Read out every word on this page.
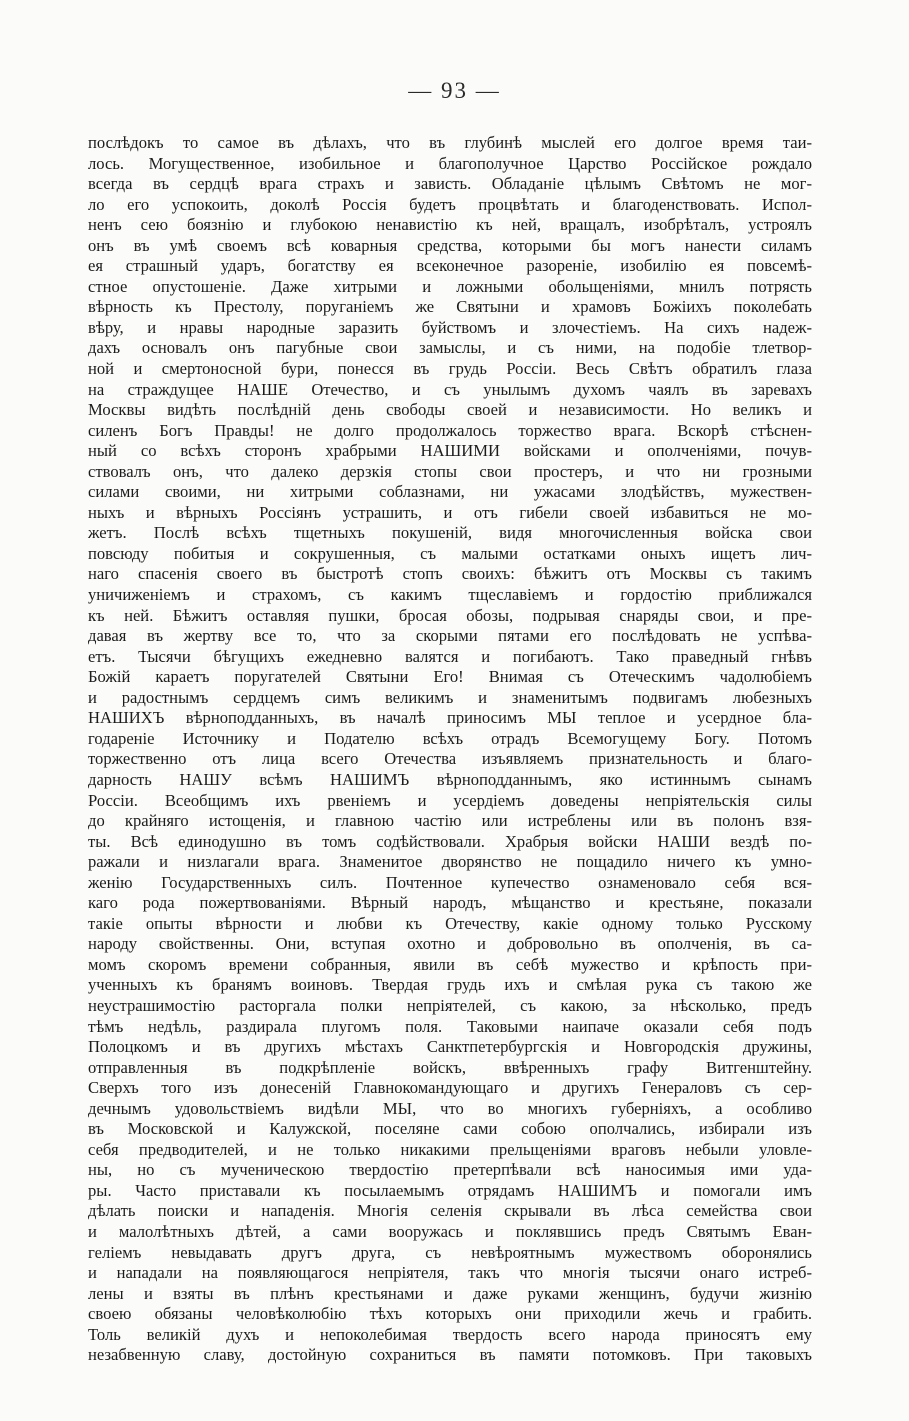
— 93 —
послѣдокъ то самое въ дѣлахъ, что въ глубинѣ мыслей его долгое время таи-
лось. Могущественное, изобильное и благополучное Царство Россійское рождало
всегда въ сердцѣ врага страхъ и зависть. Обладаніе цѣлымъ Свѣтомъ не мог-
ло его успокоить, доколѣ Россія будетъ процвѣтать и благоденствовать. Испол-
ненъ сею боязнію и глубокою ненавистію къ ней, вращалъ, изобрѣталъ, устроялъ
онъ въ умѣ своемъ всѣ коварныя средства, которыми бы могъ нанести силамъ
ея страшный ударъ, богатству ея всеконечное разореніе, изобилію ея повсемѣ-
стное опустошеніе. Даже хитрыми и ложными обольщеніями, мнилъ потрясть
вѣрность къ Престолу, поруганіемъ же Святыни и храмовъ Божіихъ поколебать
вѣру, и нравы народные заразить буйствомъ и злочестіемъ. На сихъ надеж-
дахъ основалъ онъ пагубные свои замыслы, и съ ними, на подобіе тлетвор-
ной и смертоносной бури, понесся въ грудь Россіи. Весь Свѣтъ обратилъ глаза
на страждущее НАШЕ Отечество, и съ унылымъ духомъ чаялъ въ заревахъ
Москвы видѣть послѣдній день свободы своей и независимости. Но великъ и
силенъ Богъ Правды! не долго продолжалось торжество врага. Вскорѣ стѣснен-
ный со всѣхъ сторонъ храбрыми НАШИМИ войсками и ополченіями, почув-
ствовалъ онъ, что далеко дерзкія стопы свои простеръ, и что ни грозными
силами своими, ни хитрыми соблазнами, ни ужасами злодѣйствъ, мужествен-
ныхъ и вѣрныхъ Россіянъ устрашить, и отъ гибели своей избавиться не мо-
жетъ. Послѣ всѣхъ тщетныхъ покушеній, видя многочисленныя войска свои
повсюду побитыя и сокрушенныя, съ малыми остатками оныхъ ищетъ лич-
наго спасенія своего въ быстротѣ стопъ своихъ: бѣжитъ отъ Москвы съ такимъ
уничиженіемъ и страхомъ, съ какимъ тщеславіемъ и гордостію приближался
къ ней. Бѣжитъ оставляя пушки, бросая обозы, подрывая снаряды свои, и пре-
давая въ жертву все то, что за скорыми пятами его послѣдовать не успѣва-
етъ. Тысячи бѣгущихъ ежедневно валятся и погибаютъ. Тако праведный гнѣвъ
Божій караетъ поругателей Святыни Его! Внимая съ Отеческимъ чадолюбіемъ
и радостнымъ сердцемъ симъ великимъ и знаменитымъ подвигамъ любезныхъ
НАШИХЪ вѣрноподданныхъ, въ началѣ приносимъ МЫ теплое и усердное бла-
годареніе Источнику и Подателю всѣхъ отрадъ Всемогущему Богу. Потомъ
торжественно отъ лица всего Отечества изъявляемъ признательность и благо-
дарность НАШУ всѣмъ НАШИМЪ вѣрноподданнымъ, яко истиннымъ сынамъ
Россіи. Всеобщимъ ихъ рвеніемъ и усердіемъ доведены непріятельскія силы
до крайняго истощенія, и главною частію или истреблены или въ полонъ взя-
ты. Всѣ единодушно въ томъ содѣйствовали. Храбрыя войски НАШИ вездѣ по-
ражали и низлагали врага. Знаменитое дворянство не пощадило ничего къ умно-
женію Государственныхъ силъ. Почтенное купечество ознаменовало себя вся-
каго рода пожертвованіями. Вѣрный народъ, мѣщанство и крестьяне, показали
такіе опыты вѣрности и любви къ Отечеству, какіе одному только Русскому
народу свойственны. Они, вступая охотно и добровольно въ ополченія, въ са-
момъ скоромъ времени собранныя, явили въ себѣ мужество и крѣпость при-
ученныхъ къ бранямъ воиновъ. Твердая грудь ихъ и смѣлая рука съ такою же
неустрашимостію расторгала полки непріятелей, съ какою, за нѣсколько, предъ
тѣмъ недѣль, раздирала плугомъ поля. Таковыми наипаче оказали себя подъ
Полоцкомъ и въ другихъ мѣстахъ Санктпетербургскія и Новгородскія дружины,
отправленныя въ подкрѣпленіе войскъ, ввѣренныхъ графу Витгенштейну.
Сверхъ того изъ донесеній Главнокомандующаго и другихъ Генераловъ съ сер-
дечнымъ удовольствіемъ видѣли МЫ, что во многихъ губерніяхъ, а особливо
въ Московской и Калужской, поселяне сами собою ополчались, избирали изъ
себя предводителей, и не только никакими прельщеніями враговъ небыли уловле-
ны, но съ мученическою твердостію претерпѣвали всѣ наносимыя ими уда-
ры. Часто приставали къ посылаемымъ отрядамъ НАШИМЪ и помогали имъ
дѣлать поиски и нападенія. Многія селенія скрывали въ лѣса семейства свои
и малолѣтныхъ дѣтей, а сами вооружась и поклявшись предъ Святымъ Еван-
геліемъ невыдавать другъ друга, съ невѣроятнымъ мужествомъ оборонялись
и нападали на появляющагося непріятеля, такъ что многія тысячи онаго истреб-
лены и взяты въ плѣнъ крестьянами и даже руками женщинъ, будучи жизнію
своею обязаны человѣколюбію тѣхъ которыхъ они приходили жечь и грабить.
Толь великій духъ и непоколебимая твердость всего народа приносятъ ему
незабвенную славу, достойную сохраниться въ памяти потомковъ. При таковыхъ
